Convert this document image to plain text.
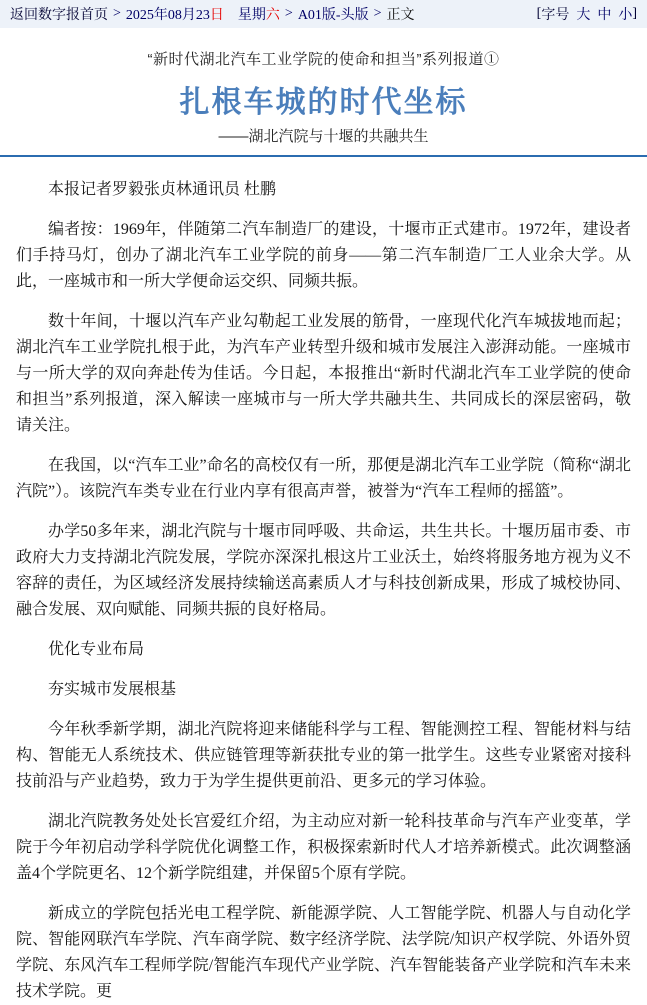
返回数字报首页 > 2025年08月23日　星期六 > A01版-头版 > 正文	[ 字号 大 中 小 ]
“新时代湖北汽车工业学院的使命和担当”系列报道①
扎根车城的时代坐标
——湖北汽院与十堰的共融共生

本报记者罗毅张贞林通讯员 杜鹏

编者按：1969年，伴随第二汽车制造厂的建设，十堰市正式建市。1972年，建设者们手持马灯，创办了湖北汽车工业学院的前身——第二汽车制造厂工人业余大学。从此，一座城市和一所大学便命运交织、同频共振。

数十年间，十堰以汽车产业勾勒起工业发展的筋骨，一座现代化汽车城拔地而起；湖北汽车工业学院扎根于此，为汽车产业转型升级和城市发展注入澎湃动能。一座城市与一所大学的双向奔赴传为佳话。今日起，本报推出“新时代湖北汽车工业学院的使命和担当”系列报道，深入解读一座城市与一所大学共融共生、共同成长的深层密码，敬请关注。

在我国，以“汽车工业”命名的高校仅有一所，那便是湖北汽车工业学院（简称“湖北汽院”）。该院汽车类专业在行业内享有很高声誉，被誉为“汽车工程师的摇篮”。

办学50多年来，湖北汽院与十堰市同呼吸、共命运，共生共长。十堰历届市委、市政府大力支持湖北汽院发展，学院亦深深扎根这片工业沃土，始终将服务地方视为义不容辞的责任，为区域经济发展持续输送高素质人才与科技创新成果，形成了城校协同、融合发展、双向赋能、同频共振的良好格局。

优化专业布局

夯实城市发展根基

今年秋季新学期，湖北汽院将迎来储能科学与工程、智能测控工程、智能材料与结构、智能无人系统技术、供应链管理等新获批专业的第一批学生。这些专业紧密对接科技前沿与产业趋势，致力于为学生提供更前沿、更多元的学习体验。

湖北汽院教务处处长宫爱红介绍，为主动应对新一轮科技革命与汽车产业变革，学院于今年初启动学科学院优化调整工作，积极探索新时代人才培养新模式。此次调整涵盖4个学院更名、12个新学院组建，并保留5个原有学院。

新成立的学院包括光电工程学院、新能源学院、人工智能学院、机器人与自动化学院、智能网联汽车学院、汽车商学院、数字经济学院、法学院/知识产权学院、外语外贸学院、东风汽车工程师学院/智能汽车现代产业学院、汽车智能装备产业学院和汽车未来技术学院。更
